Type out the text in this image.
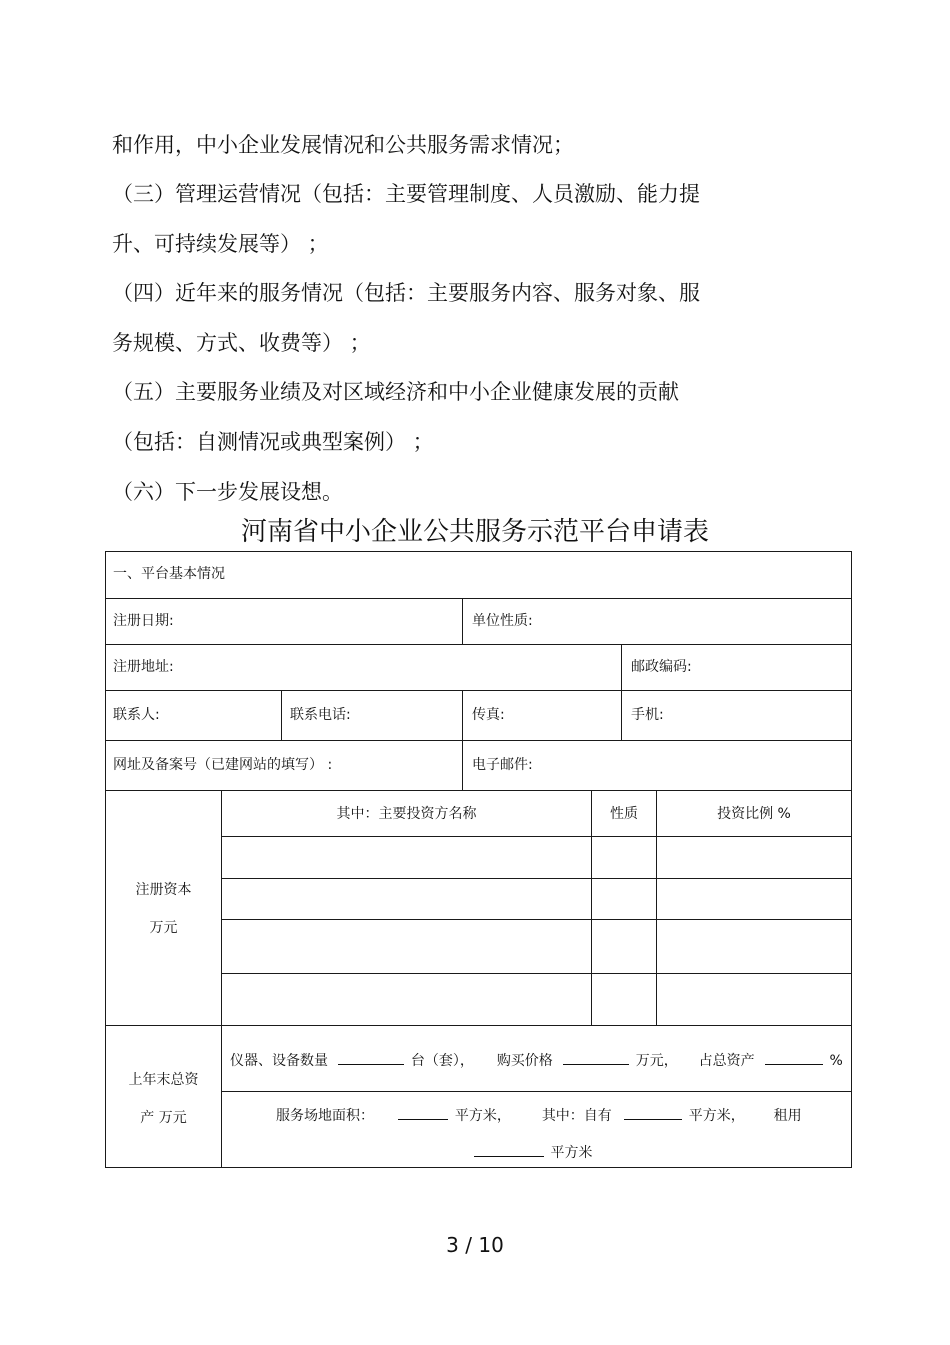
和作用，中小企业发展情况和公共服务需求情况；

（三）管理运营情况（包括：主要管理制度、人员激励、能力提

升、可持续发展等） ；

（四）近年来的服务情况（包括：主要服务内容、服务对象、服

务规模、方式、收费等） ；

（五）主要服务业绩及对区域经济和中小企业健康发展的贡献

（包括：自测情况或典型案例） ；

（六）下一步发展设想。

河南省中小企业公共服务示范平台申请表
一、平台基本情况
注册日期:	单位性质:
注册地址:	邮政编码:
联系人:	联系电话:	传真:	手机:
网址及备案号（已建网站的填写） :	电子邮件:
注册资本
万元
其中：主要投资方名称	性质	投资比例 %
上年末总资
产 万元
仪器、设备数量	台（套）， 购买价格	万元， 占总资产	%
服务场地面积：	平方米， 其中：自有	平方米， 租用
平方米
3 / 10
